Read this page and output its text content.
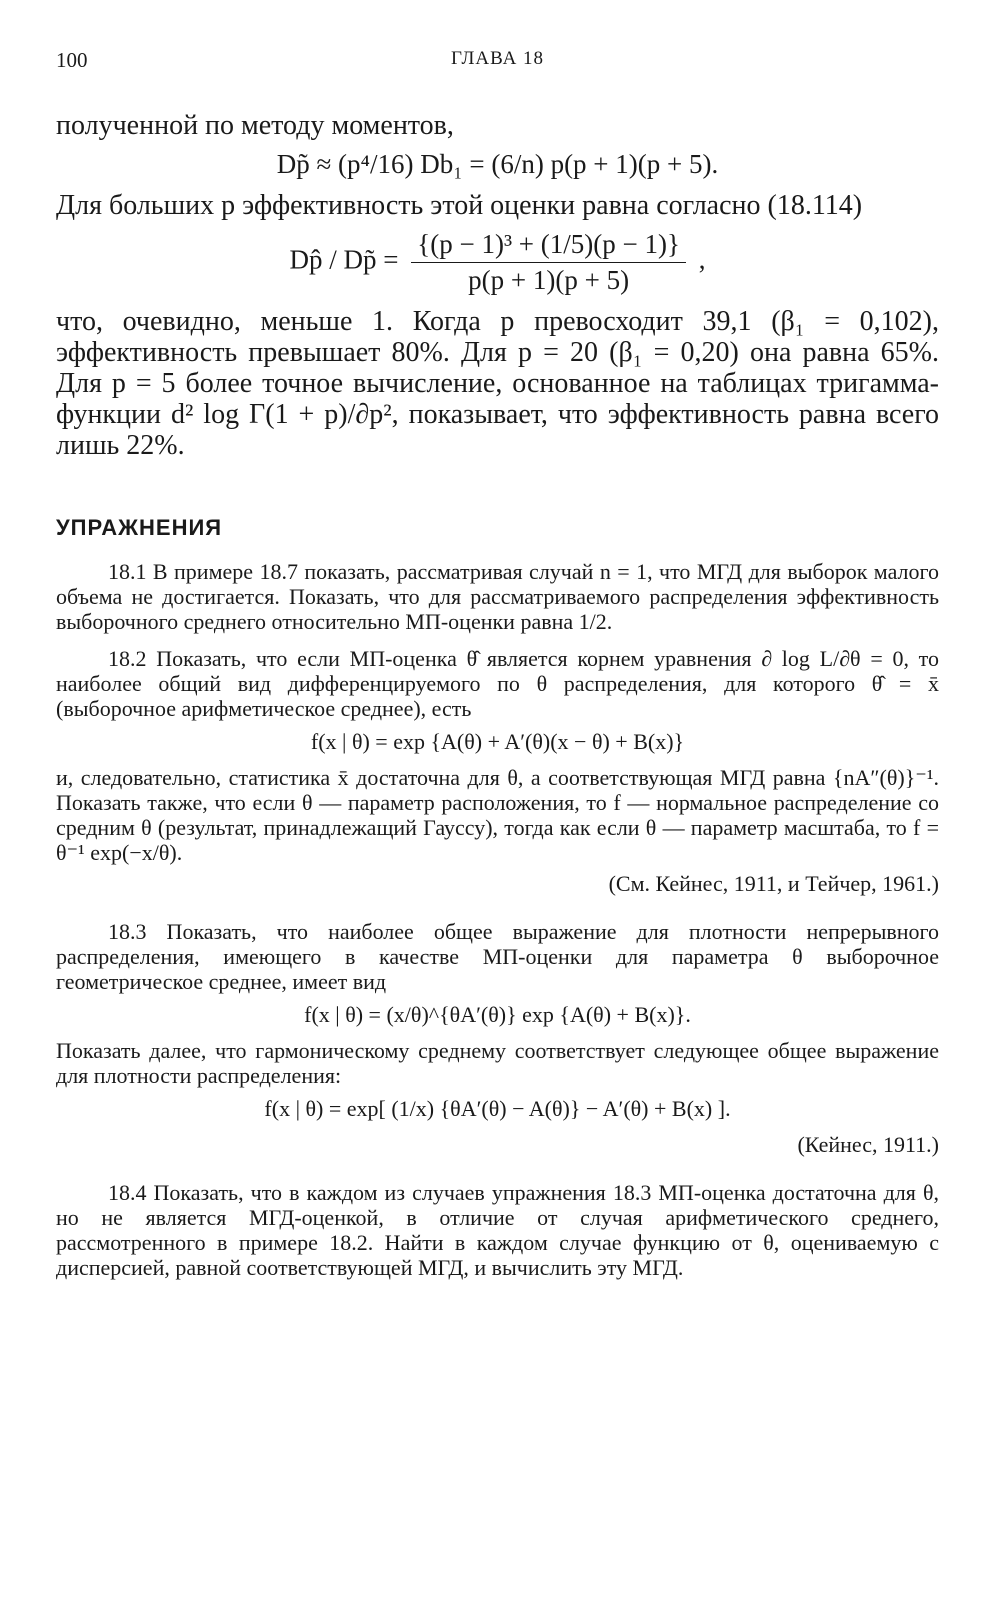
100	ГЛАВА 18

полученной по методу моментов,

Dp̃ ≈ (p⁴/16) Db₁ = (6/n) p(p + 1)(p + 5).

Для больших p эффективность этой оценки равна согласно (18.114)

Dp̂ / Dp̃ = $\frac{\text{\{(p − 1)³ + (1/5)(p − 1)\}}}{p(p + 1)(p + 5)}$ ,

что, очевидно, меньше 1. Когда p превосходит 39,1 (β₁ = 0,102), эффективность превышает 80%. Для p = 20 (β₁ = 0,20) она равна 65%. Для p = 5 более точное вычисление, основанное на таблицах тригамма-функции d² log Γ(1 + p)/∂p², показывает, что эффективность равна всего лишь 22%.

УПРАЖНЕНИЯ

18.1 В примере 18.7 показать, рассматривая случай n = 1, что МГД для выборок малого объема не достигается. Показать, что для рассматриваемого распределения эффективность выборочного среднего относительно МП-оценки равна 1/2.

18.2 Показать, что если МП-оценка θ̂ является корнем уравнения ∂ log L/∂θ = 0, то наиболее общий вид дифференцируемого по θ распределения, для которого θ̂ = x̄ (выборочное арифметическое среднее), есть

f(x | θ) = exp {A(θ) + A′(θ)(x − θ) + B(x)}

и, следовательно, статистика x̄ достаточна для θ, а соответствующая МГД равна {nA″(θ)}⁻¹. Показать также, что если θ — параметр расположения, то f — нормальное распределение со средним θ (результат, принадлежащий Гауссу), тогда как если θ — параметр масштаба, то f = θ⁻¹ exp(−x/θ).

(См. Кейнес, 1911, и Тейчер, 1961.)

18.3 Показать, что наиболее общее выражение для плотности непрерывного распределения, имеющего в качестве МП-оценки для параметра θ выборочное геометрическое среднее, имеет вид

f(x | θ) = (x/θ)^{θA′(θ)} exp {A(θ) + B(x)}.

Показать далее, что гармоническому среднему соответствует следующее общее выражение для плотности распределения:

f(x | θ) = exp[ (1/x) {θA′(θ) − A(θ)} − A′(θ) + B(x) ].
(Кейнес, 1911.)

18.4 Показать, что в каждом из случаев упражнения 18.3 МП-оценка достаточна для θ, но не является МГД-оценкой, в отличие от случая арифметического среднего, рассмотренного в примере 18.2. Найти в каждом случае функцию от θ, оцениваемую с дисперсией, равной соответствующей МГД, и вычислить эту МГД.
